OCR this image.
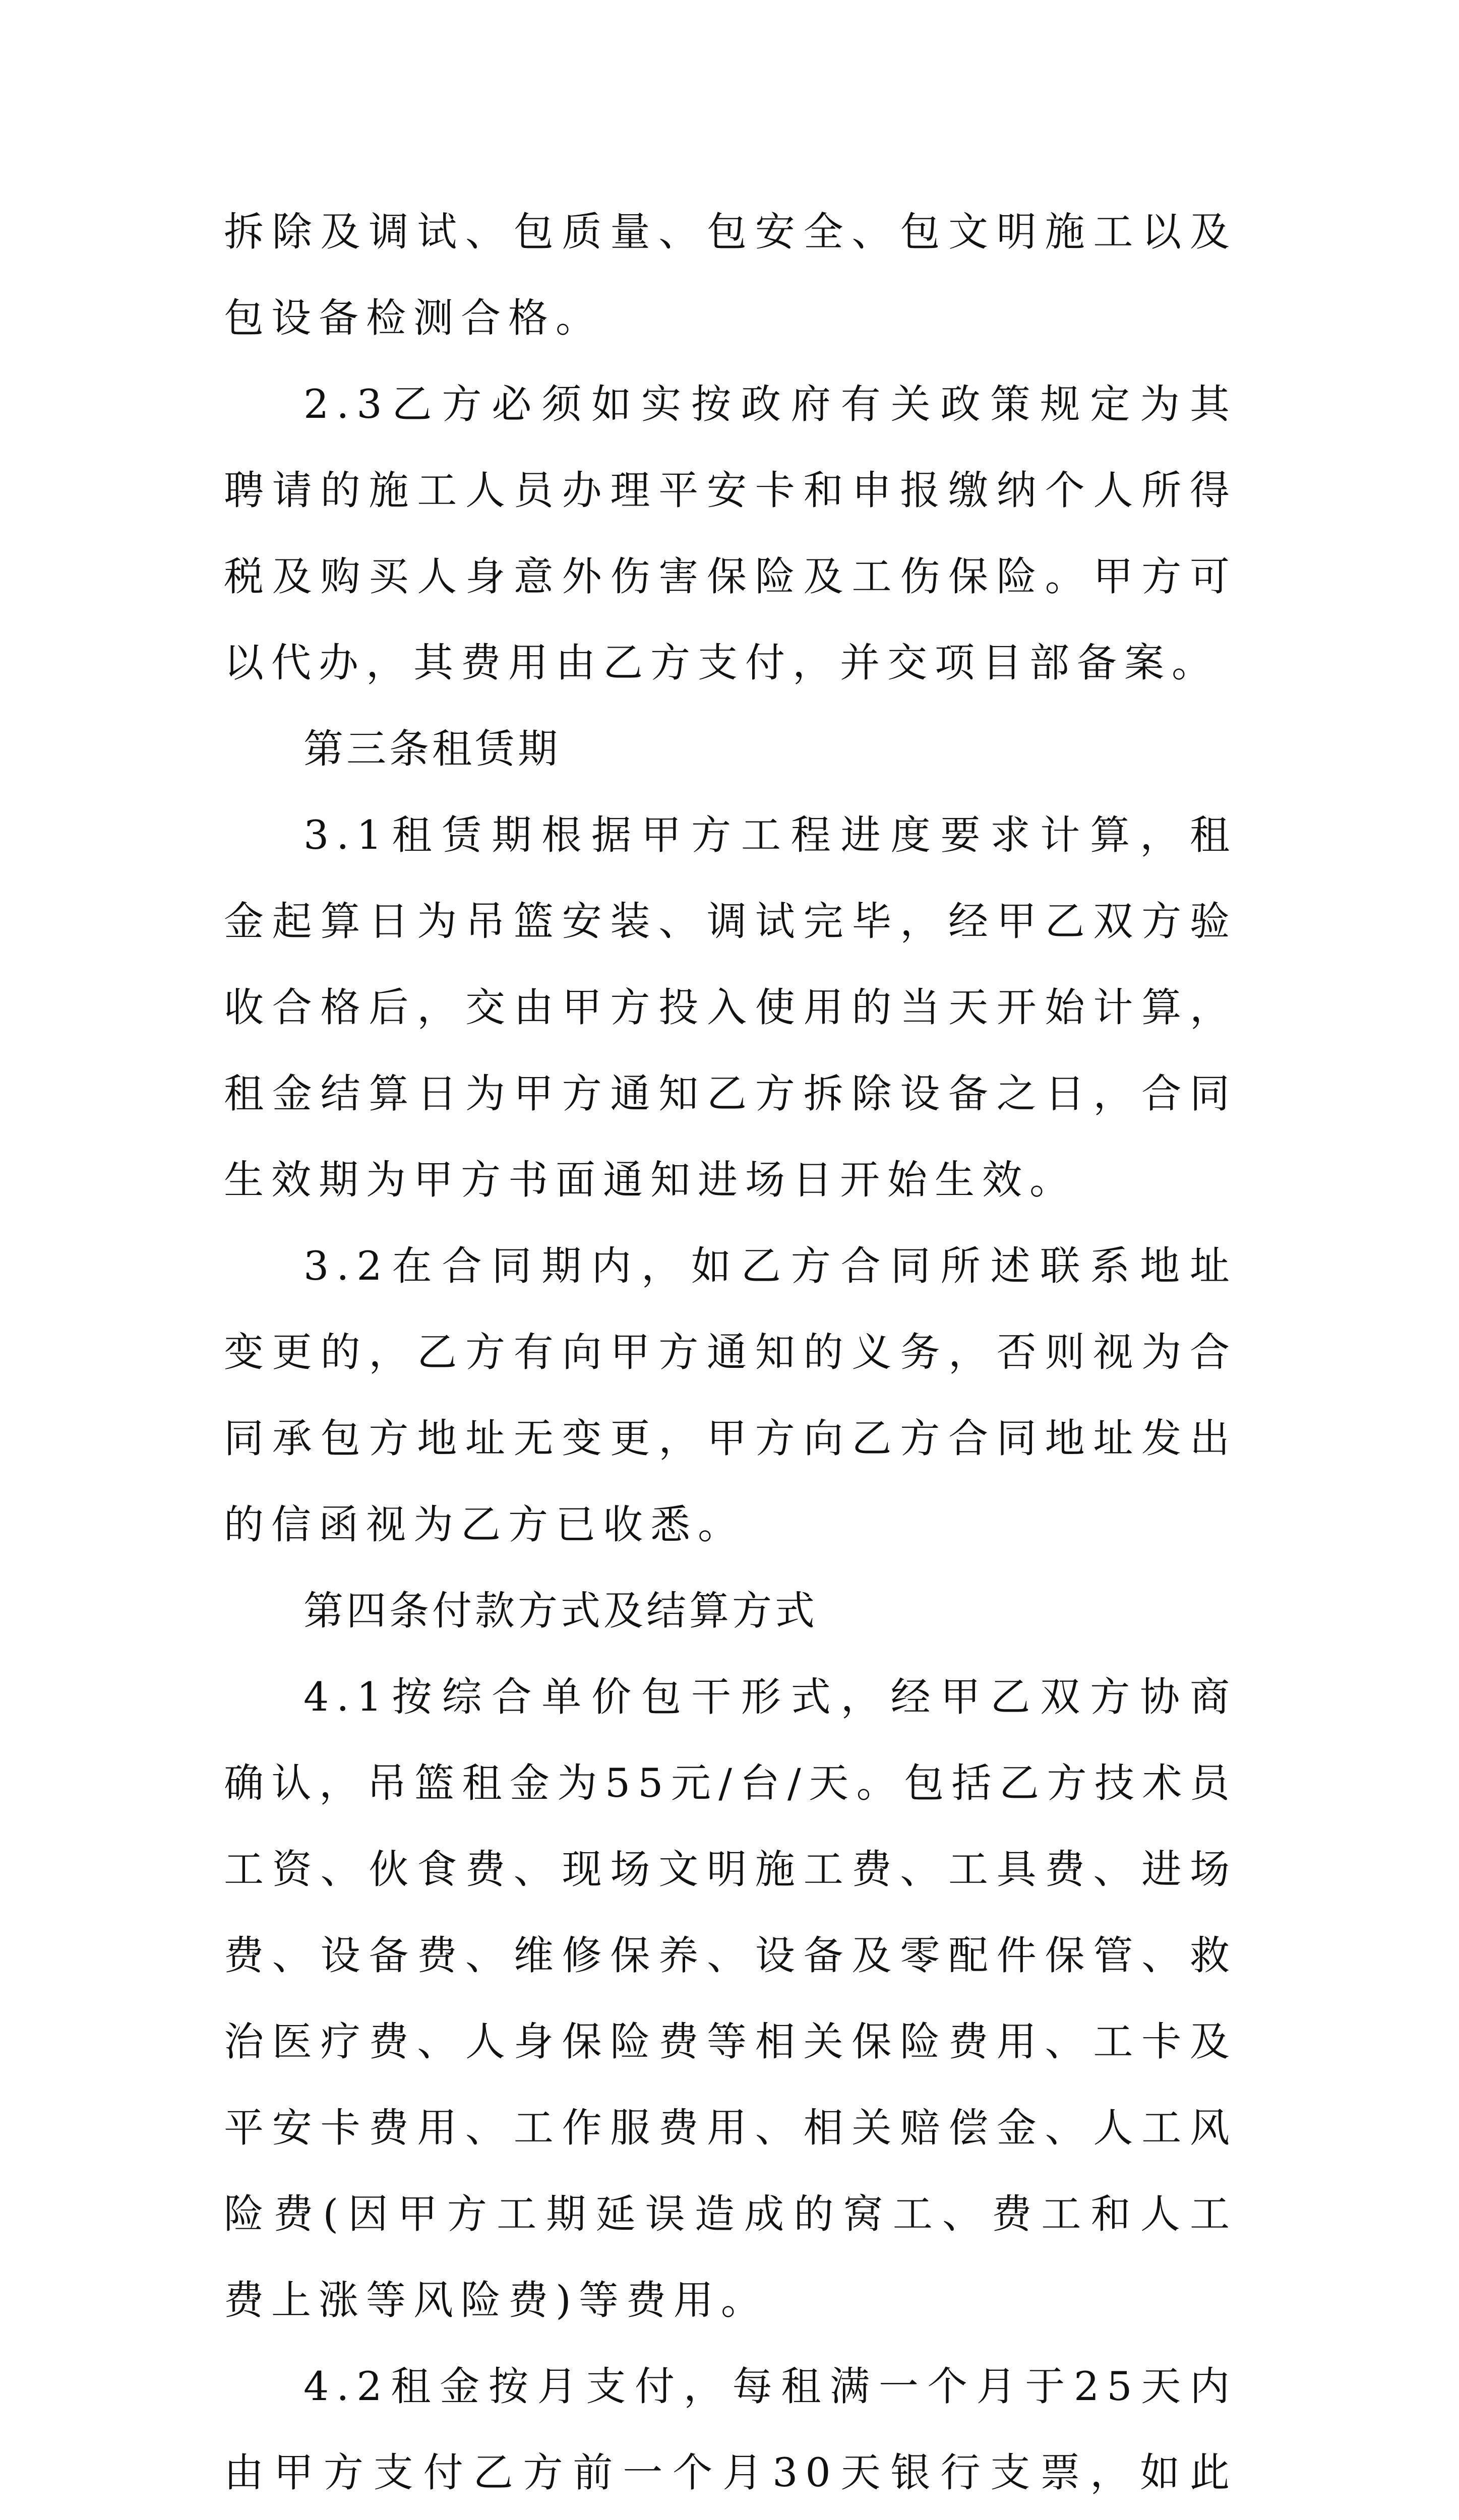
拆除及调试、包质量、包安全、包文明施工以及包设备检测合格。

2.3乙方必须如实按政府有关政策规定为其聘请的施工人员办理平安卡和申报缴纳个人所得税及购买人身意外伤害保险及工伤保险。甲方可以代办，其费用由乙方支付，并交项目部备案。

第三条租赁期

3.1租赁期根据甲方工程进度要求计算，租金起算日为吊篮安装、调试完毕，经甲乙双方验收合格后，交由甲方投入使用的当天开始计算，租金结算日为甲方通知乙方拆除设备之日，合同生效期为甲方书面通知进场日开始生效。

3.2在合同期内，如乙方合同所述联系地址变更的，乙方有向甲方通知的义务，否则视为合同承包方地址无变更，甲方向乙方合同地址发出的信函视为乙方已收悉。

第四条付款方式及结算方式

4.1按综合单价包干形式，经甲乙双方协商确认，吊篮租金为55元/台/天。包括乙方技术员工资、伙食费、现场文明施工费、工具费、进场费、设备费、维修保养、设备及零配件保管、救治医疗费、人身保险费等相关保险费用、工卡及平安卡费用、工作服费用、相关赔偿金、人工风险费(因甲方工期延误造成的窝工、费工和人工费上涨等风险费)等费用。

4.2租金按月支付，每租满一个月于25天内由甲方支付乙方前一个月30天银行支票，如此
